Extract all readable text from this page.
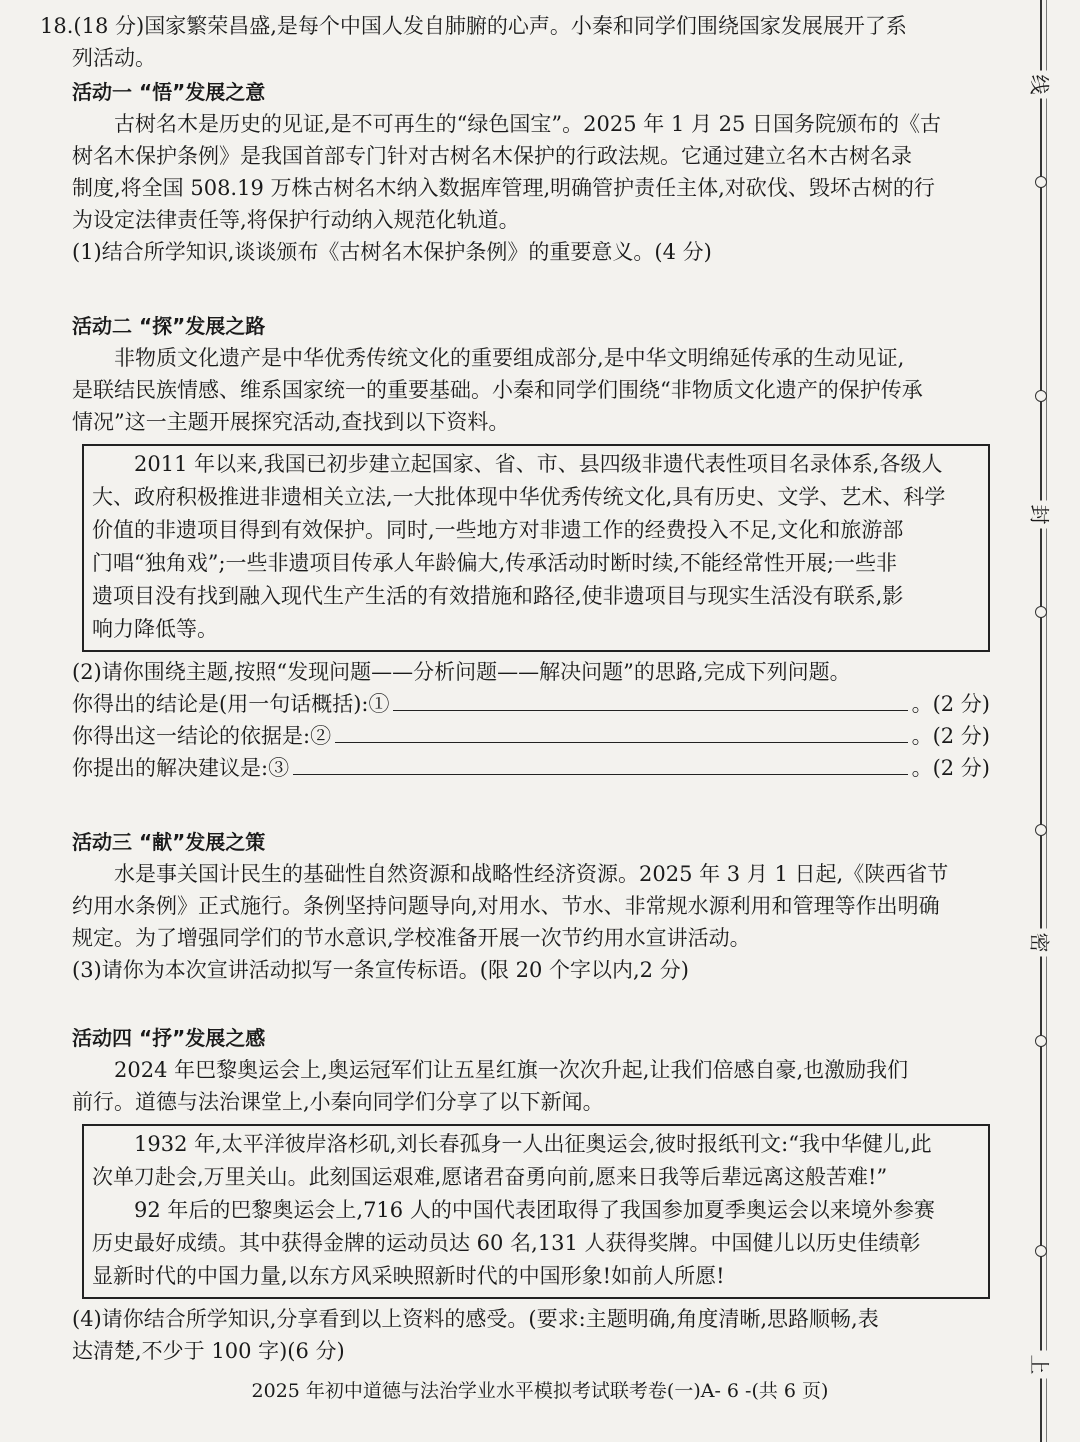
18.(18 分)国家繁荣昌盛,是每个中国人发自肺腑的心声。小秦和同学们围绕国家发展展开了系

列活动。

活动一 “悟”发展之意

古树名木是历史的见证,是不可再生的“绿色国宝”。2025 年 1 月 25 日国务院颁布的《古

树名木保护条例》是我国首部专门针对古树名木保护的行政法规。它通过建立名木古树名录

制度,将全国 508.19 万株古树名木纳入数据库管理,明确管护责任主体,对砍伐、毁坏古树的行

为设定法律责任等,将保护行动纳入规范化轨道。

(1)结合所学知识,谈谈颁布《古树名木保护条例》的重要意义。(4 分)

活动二 “探”发展之路

非物质文化遗产是中华优秀传统文化的重要组成部分,是中华文明绵延传承的生动见证,

是联结民族情感、维系国家统一的重要基础。小秦和同学们围绕“非物质文化遗产的保护传承

情况”这一主题开展探究活动,查找到以下资料。

2011 年以来,我国已初步建立起国家、省、市、县四级非遗代表性项目名录体系,各级人

大、政府积极推进非遗相关立法,一大批体现中华优秀传统文化,具有历史、文学、艺术、科学

价值的非遗项目得到有效保护。同时,一些地方对非遗工作的经费投入不足,文化和旅游部

门唱“独角戏”;一些非遗项目传承人年龄偏大,传承活动时断时续,不能经常性开展;一些非

遗项目没有找到融入现代生产生活的有效措施和路径,使非遗项目与现实生活没有联系,影

响力降低等。

(2)请你围绕主题,按照“发现问题——分析问题——解决问题”的思路,完成下列问题。

你得出的结论是(用一句话概括):①	。(2 分)
你得出这一结论的依据是:②	。(2 分)
你提出的解决建议是:③	。(2 分)

活动三 “献”发展之策

水是事关国计民生的基础性自然资源和战略性经济资源。2025 年 3 月 1 日起,《陕西省节

约用水条例》正式施行。条例坚持问题导向,对用水、节水、非常规水源利用和管理等作出明确

规定。为了增强同学们的节水意识,学校准备开展一次节约用水宣讲活动。

(3)请你为本次宣讲活动拟写一条宣传标语。(限 20 个字以内,2 分)

活动四 “抒”发展之感

2024 年巴黎奥运会上,奥运冠军们让五星红旗一次次升起,让我们倍感自豪,也激励我们

前行。道德与法治课堂上,小秦向同学们分享了以下新闻。

1932 年,太平洋彼岸洛杉矶,刘长春孤身一人出征奥运会,彼时报纸刊文:“我中华健儿,此

次单刀赴会,万里关山。此刻国运艰难,愿诸君奋勇向前,愿来日我等后辈远离这般苦难!”

92 年后的巴黎奥运会上,716 人的中国代表团取得了我国参加夏季奥运会以来境外参赛

历史最好成绩。其中获得金牌的运动员达 60 名,131 人获得奖牌。中国健儿以历史佳绩彰

显新时代的中国力量,以东方风采映照新时代的中国形象!如前人所愿!

(4)请你结合所学知识,分享看到以上资料的感受。(要求:主题明确,角度清晰,思路顺畅,表

达清楚,不少于 100 字)(6 分)

线
封
密
上
2025 年初中道德与法治学业水平模拟考试联考卷(一)A- 6 -(共 6 页)
